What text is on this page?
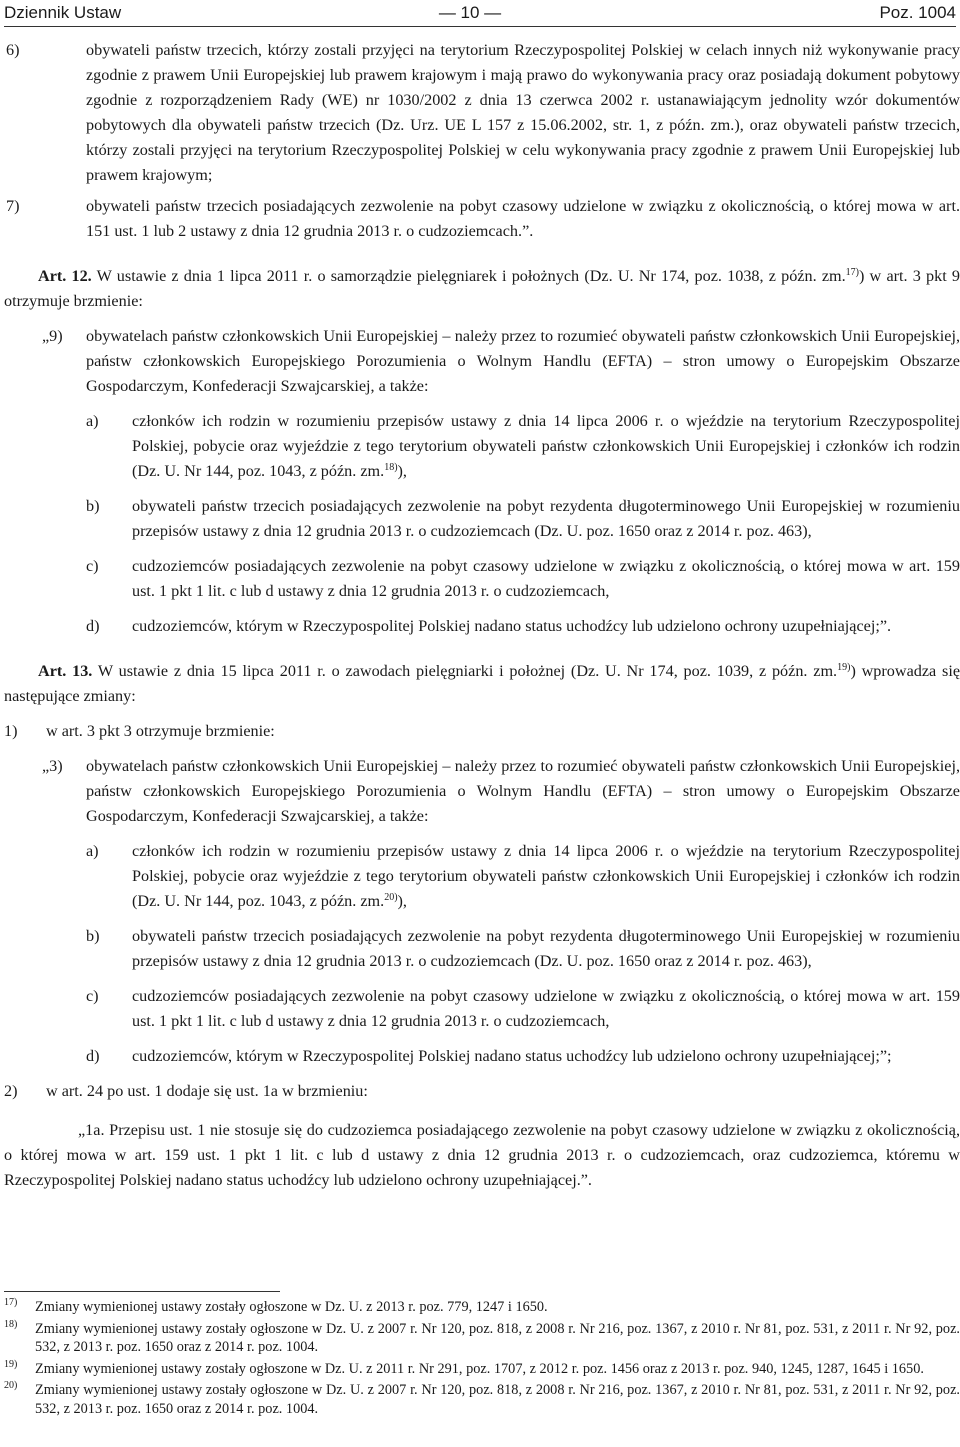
Dziennik Ustaw	— 10 —	Poz. 1004
6)	obywateli państw trzecich, którzy zostali przyjęci na terytorium Rzeczypospolitej Polskiej w celach innych niż wykonywanie pracy zgodnie z prawem Unii Europejskiej lub prawem krajowym i mają prawo do wykonywania pracy oraz posiadają dokument pobytowy zgodnie z rozporządzeniem Rady (WE) nr 1030/2002 z dnia 13 czerwca 2002 r. ustanawiającym jednolity wzór dokumentów pobytowych dla obywateli państw trzecich (Dz. Urz. UE L 157 z 15.06.2002, str. 1, z późn. zm.), oraz obywateli państw trzecich, którzy zostali przyjęci na terytorium Rzeczypospolitej Polskiej w celu wykonywania pracy zgodnie z prawem Unii Europejskiej lub prawem krajowym;
7)	obywateli państw trzecich posiadających zezwolenie na pobyt czasowy udzielone w związku z okolicznością, o której mowa w art. 151 ust. 1 lub 2 ustawy z dnia 12 grudnia 2013 r. o cudzoziemcach.”.
Art. 12. W ustawie z dnia 1 lipca 2011 r. o samorządzie pielęgniarek i położnych (Dz. U. Nr 174, poz. 1038, z późn. zm.$^{17)}$) w art. 3 pkt 9 otrzymuje brzmienie:
„9) obywatelach państw członkowskich Unii Europejskiej – należy przez to rozumieć obywateli państw członkowskich Unii Europejskiej, państw członkowskich Europejskiego Porozumienia o Wolnym Handlu (EFTA) – stron umowy o Europejskim Obszarze Gospodarczym, Konfederacji Szwajcarskiej, a także:
a) członków ich rodzin w rozumieniu przepisów ustawy z dnia 14 lipca 2006 r. o wjeździe na terytorium Rzeczypospolitej Polskiej, pobycie oraz wyjeździe z tego terytorium obywateli państw członkowskich Unii Europejskiej i członków ich rodzin (Dz. U. Nr 144, poz. 1043, z późn. zm.$^{18)}$),
b) obywateli państw trzecich posiadających zezwolenie na pobyt rezydenta długoterminowego Unii Europejskiej w rozumieniu przepisów ustawy z dnia 12 grudnia 2013 r. o cudzoziemcach (Dz. U. poz. 1650 oraz z 2014 r. poz. 463),
c) cudzoziemców posiadających zezwolenie na pobyt czasowy udzielone w związku z okolicznością, o której mowa w art. 159 ust. 1 pkt 1 lit. c lub d ustawy z dnia 12 grudnia 2013 r. o cudzoziemcach,
d) cudzoziemców, którym w Rzeczypospolitej Polskiej nadano status uchodźcy lub udzielono ochrony uzupełniającej;”.
Art. 13. W ustawie z dnia 15 lipca 2011 r. o zawodach pielęgniarki i położnej (Dz. U. Nr 174, poz. 1039, z późn. zm.$^{19)}$) wprowadza się następujące zmiany:
1) w art. 3 pkt 3 otrzymuje brzmienie:
„3) obywatelach państw członkowskich Unii Europejskiej – należy przez to rozumieć obywateli państw członkowskich Unii Europejskiej, państw członkowskich Europejskiego Porozumienia o Wolnym Handlu (EFTA) – stron umowy o Europejskim Obszarze Gospodarczym, Konfederacji Szwajcarskiej, a także:
a) członków ich rodzin w rozumieniu przepisów ustawy z dnia 14 lipca 2006 r. o wjeździe na terytorium Rzeczypospolitej Polskiej, pobycie oraz wyjeździe z tego terytorium obywateli państw członkowskich Unii Europejskiej i członków ich rodzin (Dz. U. Nr 144, poz. 1043, z późn. zm.$^{20)}$),
b) obywateli państw trzecich posiadających zezwolenie na pobyt rezydenta długoterminowego Unii Europejskiej w rozumieniu przepisów ustawy z dnia 12 grudnia 2013 r. o cudzoziemcach (Dz. U. poz. 1650 oraz z 2014 r. poz. 463),
c) cudzoziemców posiadających zezwolenie na pobyt czasowy udzielone w związku z okolicznością, o której mowa w art. 159 ust. 1 pkt 1 lit. c lub d ustawy z dnia 12 grudnia 2013 r. o cudzoziemcach,
d) cudzoziemców, którym w Rzeczypospolitej Polskiej nadano status uchodźcy lub udzielono ochrony uzupełniającej;”;
2) w art. 24 po ust. 1 dodaje się ust. 1a w brzmieniu:
„1a. Przepisu ust. 1 nie stosuje się do cudzoziemca posiadającego zezwolenie na pobyt czasowy udzielone w związku z okolicznością, o której mowa w art. 159 ust. 1 pkt 1 lit. c lub d ustawy z dnia 12 grudnia 2013 r. o cudzoziemcach, oraz cudzoziemca, któremu w Rzeczypospolitej Polskiej nadano status uchodźcy lub udzielono ochrony uzupełniającej.”.
17) Zmiany wymienionej ustawy zostały ogłoszone w Dz. U. z 2013 r. poz. 779, 1247 i 1650.
18) Zmiany wymienionej ustawy zostały ogłoszone w Dz. U. z 2007 r. Nr 120, poz. 818, z 2008 r. Nr 216, poz. 1367, z 2010 r. Nr 81, poz. 531, z 2011 r. Nr 92, poz. 532, z 2013 r. poz. 1650 oraz z 2014 r. poz. 1004.
19) Zmiany wymienionej ustawy zostały ogłoszone w Dz. U. z 2011 r. Nr 291, poz. 1707, z 2012 r. poz. 1456 oraz z 2013 r. poz. 940, 1245, 1287, 1645 i 1650.
20) Zmiany wymienionej ustawy zostały ogłoszone w Dz. U. z 2007 r. Nr 120, poz. 818, z 2008 r. Nr 216, poz. 1367, z 2010 r. Nr 81, poz. 531, z 2011 r. Nr 92, poz. 532, z 2013 r. poz. 1650 oraz z 2014 r. poz. 1004.
